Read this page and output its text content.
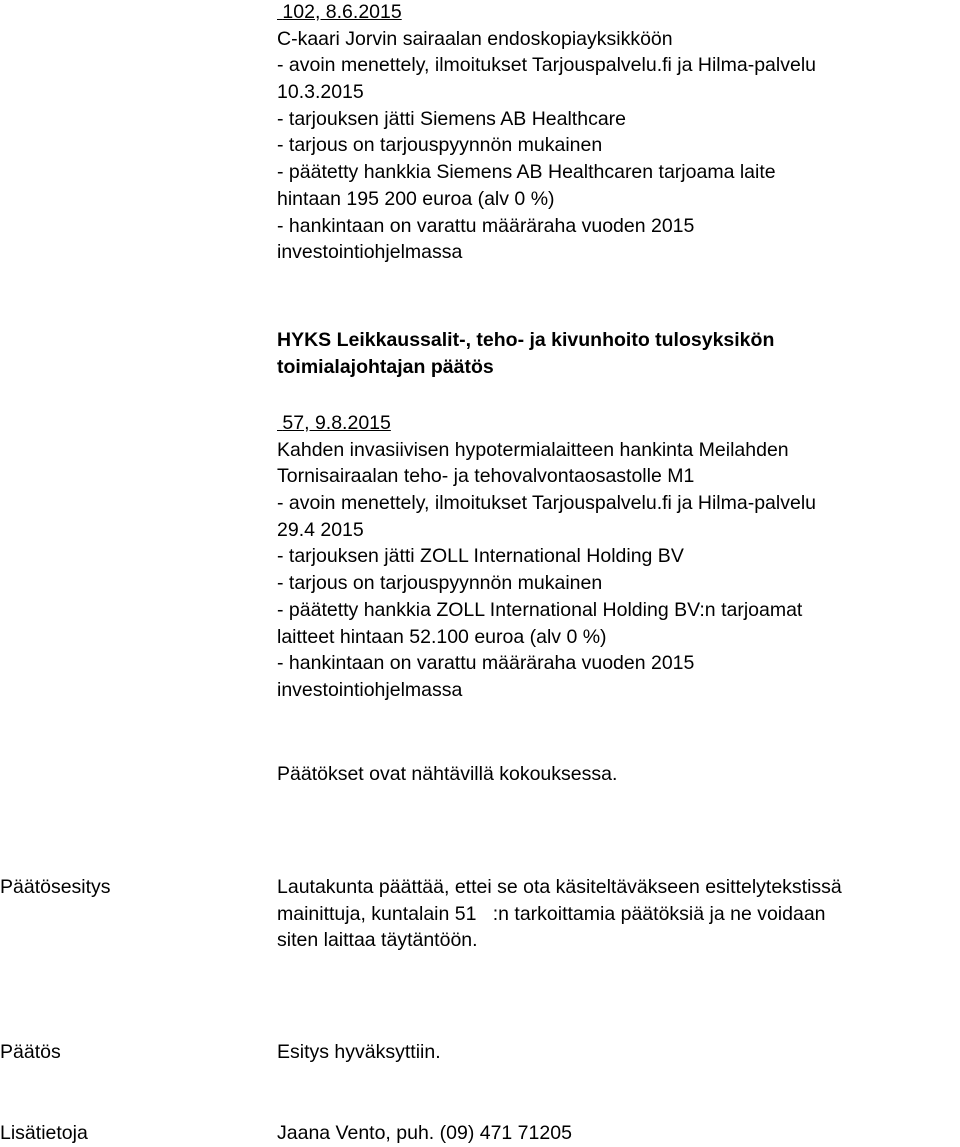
102, 8.6.2015
C-kaari Jorvin sairaalan endoskopiayksikköön
- avoin menettely, ilmoitukset Tarjouspalvelu.fi ja Hilma-palvelu
10.3.2015
- tarjouksen jätti Siemens AB Healthcare
- tarjous on tarjouspyynnön mukainen
- päätetty hankkia Siemens AB Healthcaren tarjoama laite
hintaan 195 200 euroa (alv 0 %)
- hankintaan on varattu määräraha vuoden 2015
investointiohjelmassa
HYKS Leikkaussalit-, teho- ja kivunhoito tulosyksikön
toimialajohtajan päätös
57, 9.8.2015
Kahden invasiivisen hypotermialaitteen hankinta Meilahden
Tornisairaalan teho- ja tehovalvontaosastolle M1
- avoin menettely, ilmoitukset Tarjouspalvelu.fi ja Hilma-palvelu
29.4 2015
- tarjouksen jätti ZOLL International Holding BV
- tarjous on tarjouspyynnön mukainen
- päätetty hankkia ZOLL International Holding BV:n tarjoamat
laitteet hintaan 52.100 euroa (alv 0 %)
- hankintaan on varattu määräraha vuoden 2015
investointiohjelmassa
Päätökset ovat nähtävillä kokouksessa.
Päätösesitys	Lautakunta päättää, ettei se ota käsiteltäväkseen esittelytekstissä
mainittuja, kuntalain 51 §:n tarkoittamia päätöksiä ja ne voidaan
siten laittaa täytäntöön.
Päätös	Esitys hyväksyttiin.
Lisätietoja	Jaana Vento, puh. (09) 471 71205
